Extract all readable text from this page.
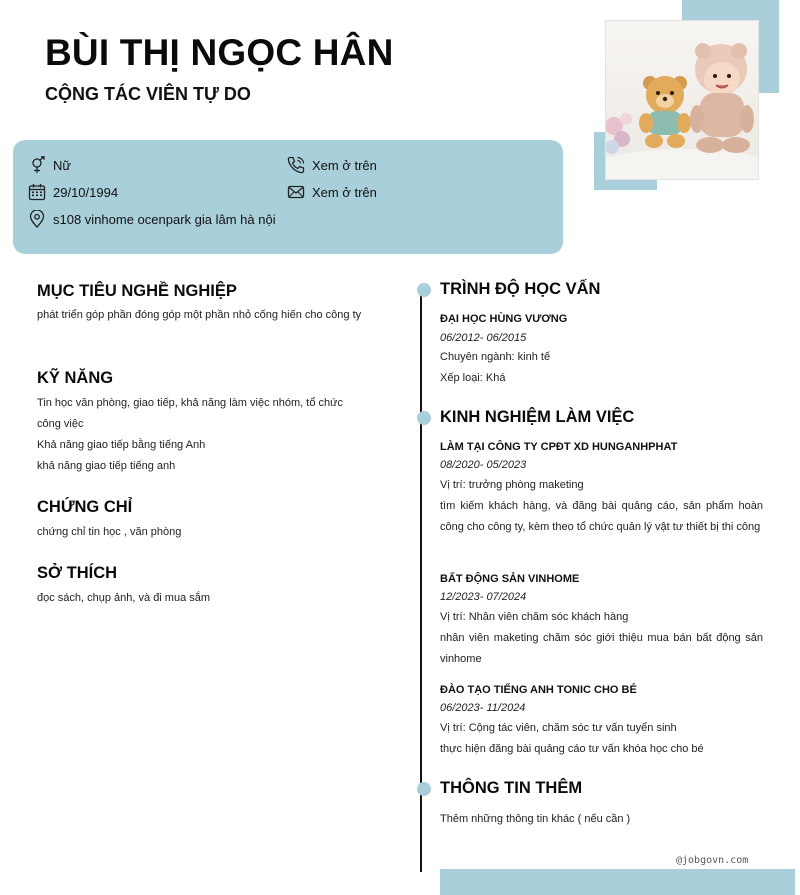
BÙI THỊ NGỌC HÂN
CỘNG TÁC VIÊN TỰ DO
Nữ
29/10/1994
s108 vinhome ocenpark gia lâm hà nội
Xem ở trên
Xem ở trên
MỤC TIÊU NGHỀ NGHIỆP
phát triển góp phần đóng góp một phần nhỏ cống hiến cho công ty
KỸ NĂNG
Tin học văn phòng, giao tiếp, khả năng làm việc nhóm, tổ chức công việc
Khả năng giao tiếp bằng tiếng Anh
khả năng giao tiếp tiếng anh
CHỨNG CHỈ
chứng chỉ tin học , văn phòng
SỞ THÍCH
đọc sách, chụp ảnh, và đi mua sắm
TRÌNH ĐỘ HỌC VẤN
ĐẠI HỌC HÙNG VƯƠNG
06/2012- 06/2015
Chuyên ngành: kinh tế
Xếp loại: Khá
KINH NGHIỆM LÀM VIỆC
LÀM TẠI CÔNG TY CPĐT XD HUNGANHPHAT
08/2020- 05/2023
Vị trí: trưởng phòng maketing
tìm kiếm khách hàng, và đăng bài quảng cáo, sản phẩm hoàn công cho công ty, kèm theo tổ chức quản lý vật tư thiết bị thi công
BẤT ĐỘNG SẢN VINHOME
12/2023- 07/2024
Vị trí: Nhân viên chăm sóc khách hàng
nhân viên maketing chăm sóc giới thiệu mua bán bất động sản vinhome
ĐÀO TẠO TIẾNG ANH TONIC CHO BÉ
06/2023- 11/2024
Vị trí: Cộng tác viên, chăm sóc tư vấn tuyển sinh
thực hiện đăng bài quảng cáo tư vấn khóa học cho bé
THÔNG TIN THÊM
Thêm những thông tin khác ( nếu cần )
@jobgovn.com
